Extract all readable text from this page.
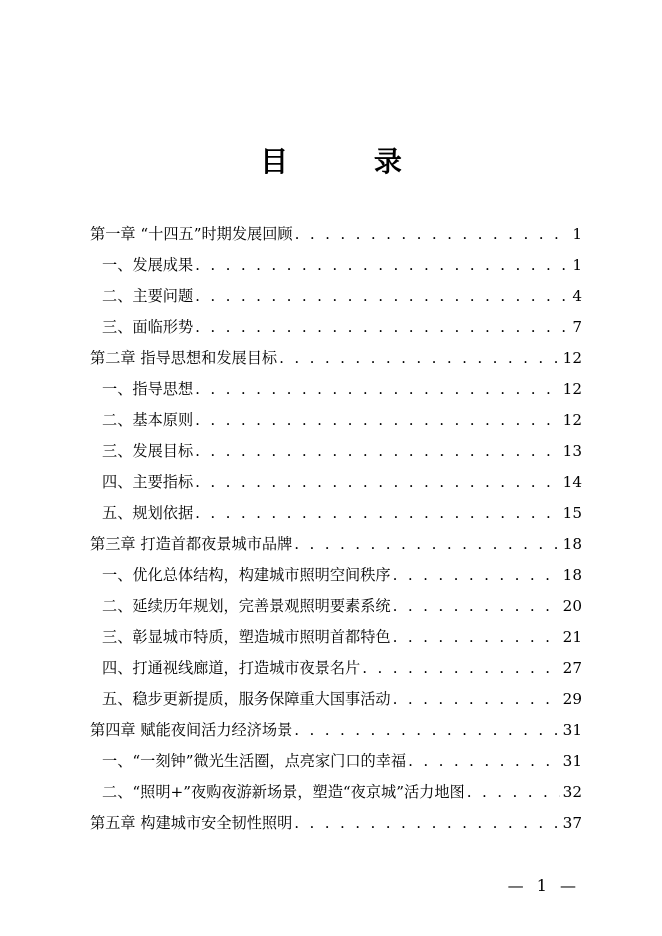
目 录
第一章 “十四五”时期发展回顾 . . .	1
一、发展成果 . . .	1
二、主要问题 . . .	4
三、面临形势 . . .	7
第二章 指导思想和发展目标 . . .	12
一、指导思想 . . .	12
二、基本原则 . . .	12
三、发展目标 . . .	13
四、主要指标 . . .	14
五、规划依据 . . .	15
第三章 打造首都夜景城市品牌 . . .	18
一、优化总体结构，构建城市照明空间秩序 . . .	18
二、延续历年规划，完善景观照明要素系统 . . .	20
三、彰显城市特质，塑造城市照明首都特色 . . .	21
四、打通视线廊道，打造城市夜景名片 . . .	27
五、稳步更新提质，服务保障重大国事活动 . . .	29
第四章 赋能夜间活力经济场景 . . .	31
一、“一刻钟”微光生活圈，点亮家门口的幸福 . . .	31
二、“照明+”夜购夜游新场景，塑造“夜京城”活力地图 . . .	32
第五章 构建城市安全韧性照明 . . .	37
— 1 —
